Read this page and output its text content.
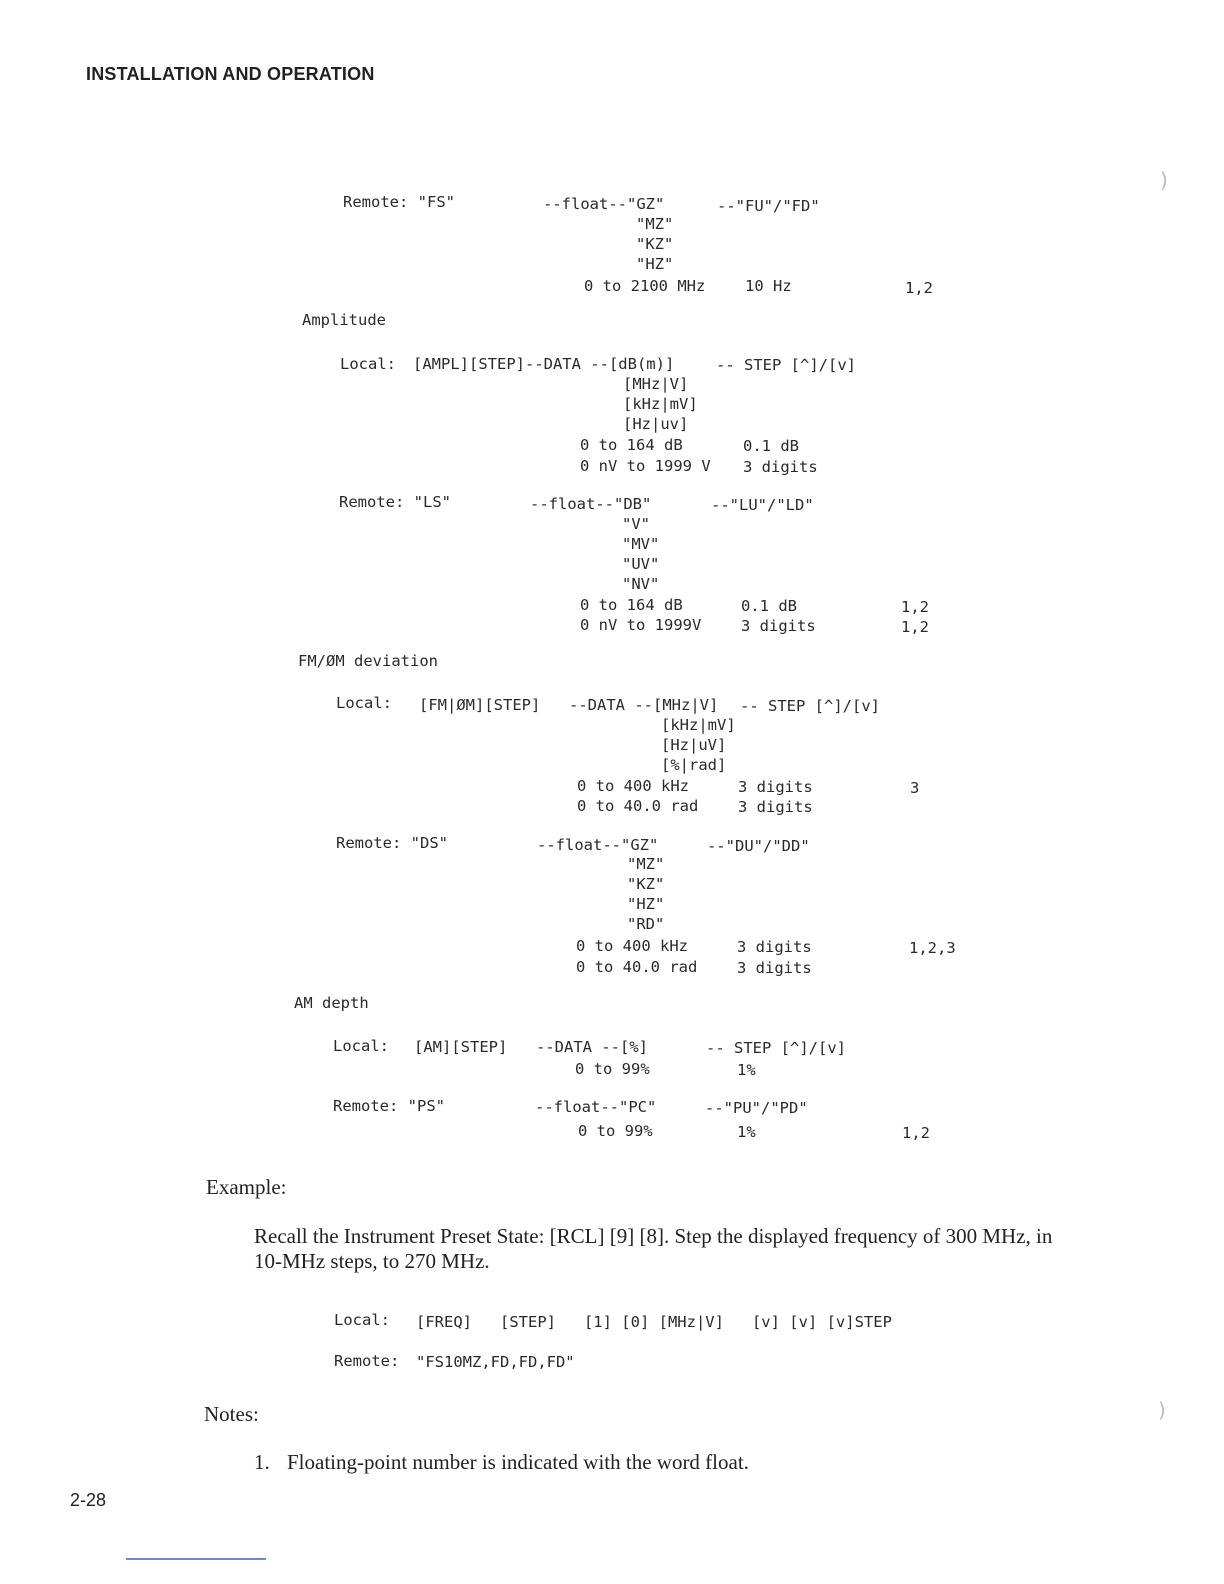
INSTALLATION AND OPERATION
Remote: "FS"	--float--"GZ"	--"FU"/"FD"
"MZ"
"KZ"
"HZ"
0 to 2100 MHz	10 Hz	1,2
Amplitude
Local: [AMPL][STEP]--DATA --[dB(m)]	-- STEP [^]/[v]
[MHz|V]
[kHz|mV]
[Hz|uv]
0 to 164 dB	0.1 dB
0 nV to 1999 V 3 digits
Remote: "LS"	--float--"DB"	--"LU"/"LD"
"V"
"MV"
"UV"
"NV"
0 to 164 dB	0.1 dB	1,2
0 nV to 1999V	3 digits	1,2
FM/ØM deviation
Local: [FM|ØM][STEP] --DATA --[MHz|V] -- STEP [^]/[v]
[kHz|mV]
[Hz|uV]
[%|rad]
0 to 400 kHz	3 digits	3
0 to 40.0 rad	3 digits
Remote: "DS"	--float--"GZ"	--"DU"/"DD"
"MZ"
"KZ"
"HZ"
"RD"
0 to 400 kHz	3 digits	1,2,3
0 to 40.0 rad	3 digits
AM depth
Local: [AM][STEP] --DATA --[%]	-- STEP [^]/[v]
0 to 99%	1%
Remote: "PS"	--float--"PC"	--"PU"/"PD"
0 to 99%	1%	1,2
Example:
Recall the Instrument Preset State: [RCL] [9] [8]. Step the displayed frequency of 300 MHz, in 10-MHz steps, to 270 MHz.
Local: [FREQ]   [STEP]   [1] [0] [MHz|V]   [v] [v] [v]STEP
Remote: "FS10MZ,FD,FD,FD"
Notes:
1. Floating-point number is indicated with the word float.
2-28
)
)
